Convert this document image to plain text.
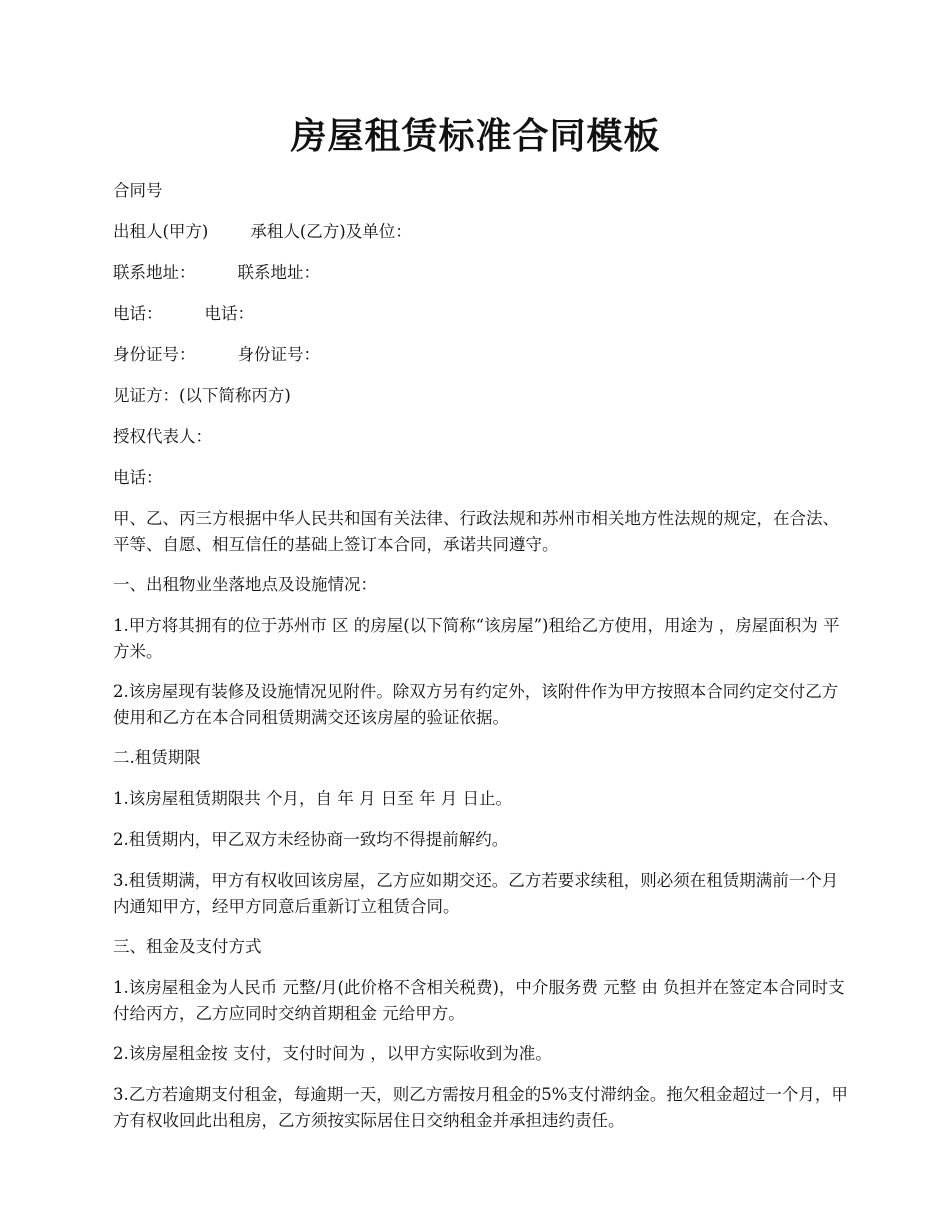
房屋租赁标准合同模板

合同号

出租人(甲方)        承租人(乙方)及单位：

联系地址：        联系地址：

电话：        电话：

身份证号：        身份证号：

见证方：(以下简称丙方)

授权代表人：

电话：

甲、乙、丙三方根据中华人民共和国有关法律、行政法规和苏州市相关地方性法规的规定，在合法、平等、自愿、相互信任的基础上签订本合同，承诺共同遵守。

一、出租物业坐落地点及设施情况：

1.甲方将其拥有的位于苏州市 区 的房屋(以下简称“该房屋”)租给乙方使用，用途为 ，房屋面积为 平方米。

2.该房屋现有装修及设施情况见附件。除双方另有约定外，该附件作为甲方按照本合同约定交付乙方使用和乙方在本合同租赁期满交还该房屋的验证依据。

二.租赁期限

1.该房屋租赁期限共 个月，自 年 月 日至 年 月 日止。

2.租赁期内，甲乙双方未经协商一致均不得提前解约。

3.租赁期满，甲方有权收回该房屋，乙方应如期交还。乙方若要求续租，则必须在租赁期满前一个月内通知甲方，经甲方同意后重新订立租赁合同。

三、租金及支付方式

1.该房屋租金为人民币 元整/月(此价格不含相关税费)，中介服务费 元整 由 负担并在签定本合同时支付给丙方，乙方应同时交纳首期租金 元给甲方。

2.该房屋租金按 支付，支付时间为 ，以甲方实际收到为准。

3.乙方若逾期支付租金，每逾期一天，则乙方需按月租金的5%支付滞纳金。拖欠租金超过一个月，甲方有权收回此出租房，乙方须按实际居住日交纳租金并承担违约责任。
